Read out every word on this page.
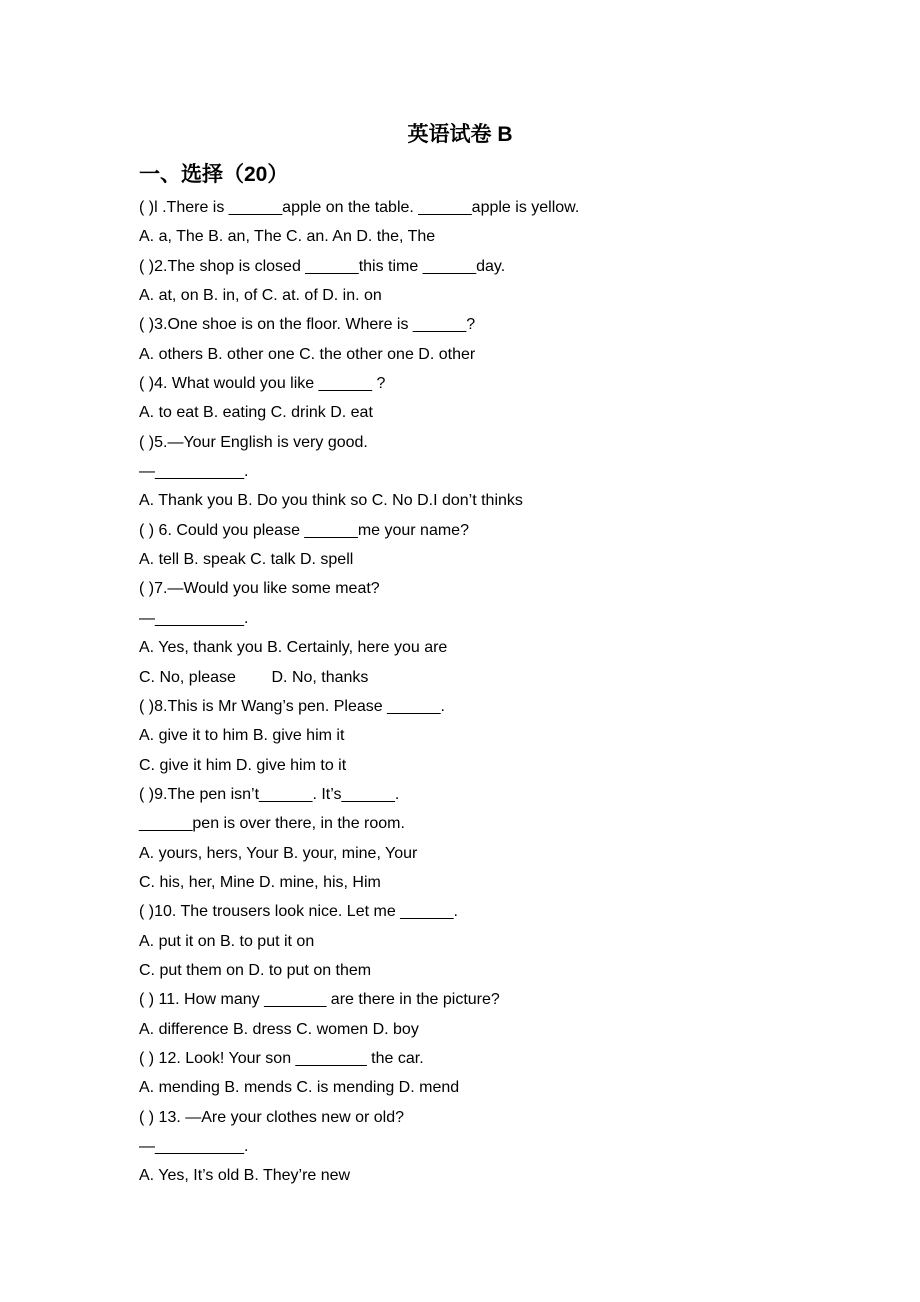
英语试卷 B
一、选择（20）
( )l .There is ______apple on the table. ______apple is yellow.
A. a, The B. an, The C. an. An D. the, The
( )2.The shop is closed ______this time ______day.
A. at, on B. in, of C. at. of D. in. on
( )3.One shoe is on the floor. Where is ______?
A. others B. other one C. the other one D. other
( )4. What would you like ______ ?
A. to eat B. eating C. drink D. eat
( )5.—Your English is very good.
—__________.
A. Thank you B. Do you think so C. No D.I don’t thinks
( ) 6. Could you please ______me your name?
A. tell B. speak C. talk D. spell
( )7.—Would you like some meat?
—__________.
A. Yes, thank you B. Certainly, here you are
C. No, please        D. No, thanks
( )8.This is Mr Wang’s pen. Please ______.
A. give it to him B. give him it
C. give it him D. give him to it
( )9.The pen isn’t______. It’s______.
______pen is over there, in the room.
A. yours, hers, Your B. your, mine, Your
C. his, her, Mine D. mine, his, Him
( )10. The trousers look nice. Let me ______.
A. put it on B. to put it on
C. put them on D. to put on them
( ) 11. How many _______ are there in the picture?
A. difference B. dress C. women D. boy
( ) 12. Look! Your son ________ the car.
A. mending B. mends C. is mending D. mend
( ) 13. —Are your clothes new or old?
—__________.
A. Yes, It’s old B. They’re new
